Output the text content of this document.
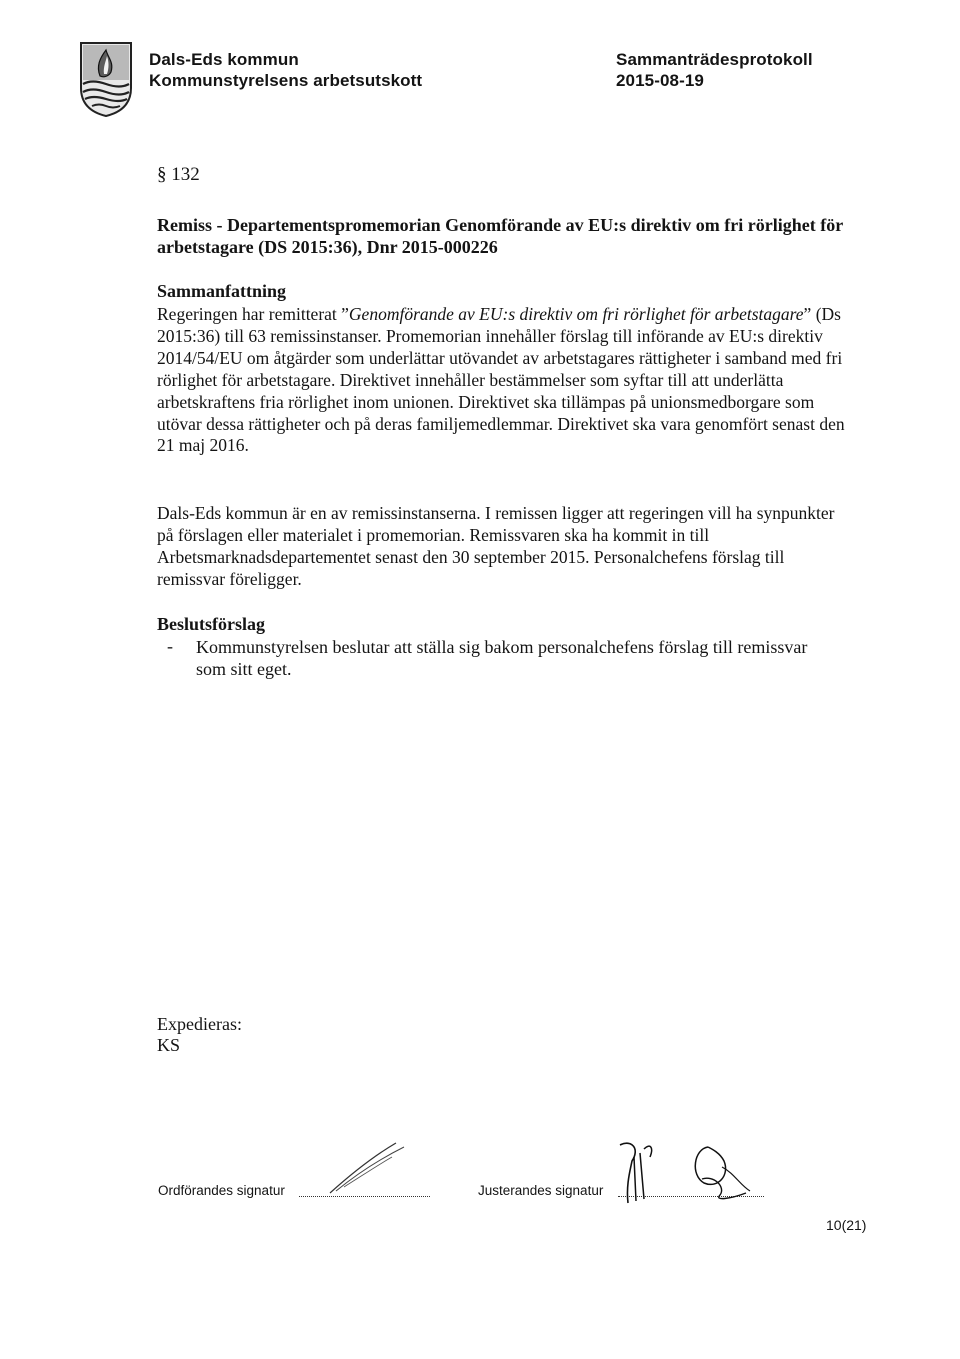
Dals-Eds kommun
Kommunstyrelsens arbetsutskott
Sammanträdesprotokoll
2015-08-19
§ 132
Remiss - Departementspromemorian Genomförande av EU:s direktiv om fri rörlighet för arbetstagare (DS 2015:36), Dnr 2015-000226
Sammanfattning
Regeringen har remitterat ”Genomförande av EU:s direktiv om fri rörlighet för arbetstagare” (Ds 2015:36) till 63 remissinstanser. Promemorian innehåller förslag till införande av EU:s direktiv 2014/54/EU om åtgärder som underlättar utövandet av arbetstagares rättigheter i samband med fri rörlighet för arbetstagare. Direktivet innehåller bestämmelser som syftar till att underlätta arbetskraftens fria rörlighet inom unionen. Direktivet ska tillämpas på unionsmedborgare som utövar dessa rättigheter och på deras familjemedlemmar. Direktivet ska vara genomfört senast den 21 maj 2016.
Dals-Eds kommun är en av remissinstanserna. I remissen ligger att regeringen vill ha synpunkter på förslagen eller materialet i promemorian. Remissvaren ska ha kommit in till Arbetsmarknadsdepartementet senast den 30 september 2015. Personalchefens förslag till remissvar föreligger.
Beslutsförslag
- Kommunstyrelsen beslutar att ställa sig bakom personalchefens förslag till remissvar som sitt eget.
Expedieras:
KS
Ordförandes signatur	Justerandes signatur
10(21)
